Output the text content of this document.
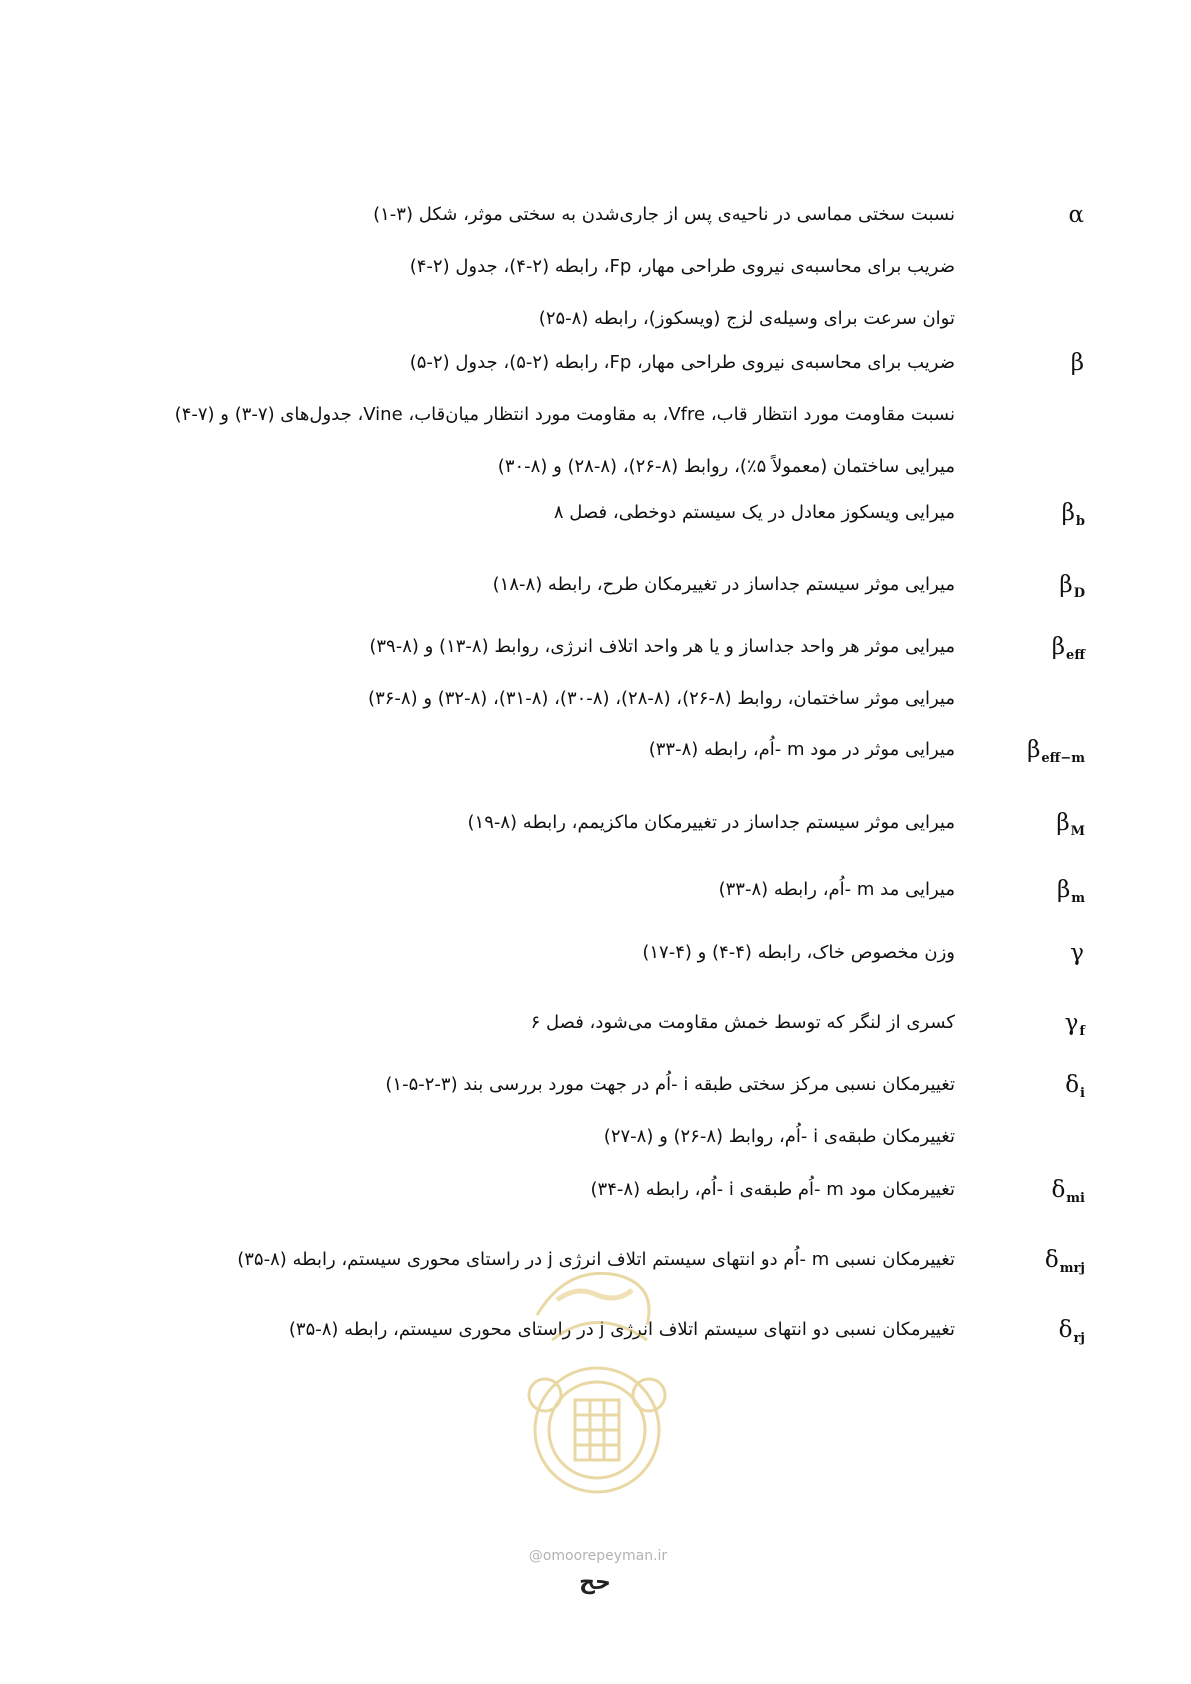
α
نسبت سختی مماسی در ناحیه‌ی پس از جاری‌شدن به سختی موثر، شکل (۳-۱)
ضریب برای محاسبه‌ی نیروی طراحی مهار، Fp، رابطه (۲-۴)، جدول (۲-۴)
توان سرعت برای وسیله‌ی لزج (ویسکوز)، رابطه (۸-۲۵)
β
ضریب برای محاسبه‌ی نیروی طراحی مهار، Fp، رابطه (۲-۵)، جدول (۲-۵)
نسبت مقاومت مورد انتظار قاب، Vfre، به مقاومت مورد انتظار میان‌قاب، Vine، جدول‌های (۷-۳) و (۷-۴)
میرایی ساختمان (معمولاً ۵٪)، روابط (۸-۲۶)، (۸-۲۸) و (۸-۳۰)
$\beta_b$
میرایی ویسکوز معادل در یک سیستم دوخطی، فصل ۸
$\beta_D$
میرایی موثر سیستم جداساز در تغییرمکان طرح، رابطه (۸-۱۸)
$\beta_{eff}$
میرایی موثر هر واحد جداساز و یا هر واحد اتلاف انرژی، روابط (۸-۱۳) و (۸-۳۹)
میرایی موثر ساختمان، روابط (۸-۲۶)، (۸-۲۸)، (۸-۳۰)، (۸-۳۱)، (۸-۳۲) و (۸-۳۶)
$\beta_{eff-m}$
میرایی موثر در مود m -اُم، رابطه (۸-۳۳)
$\beta_M$
میرایی موثر سیستم جداساز در تغییرمکان ماکزیمم، رابطه (۸-۱۹)
$\beta_m$
میرایی مد m -اُم، رابطه (۸-۳۳)
γ
وزن مخصوص خاک، رابطه (۴-۴) و (۴-۱۷)
$\gamma_f$
کسری از لنگر که توسط خمش مقاومت می‌شود، فصل ۶
$\delta_i$
تغییرمکان نسبی مرکز سختی طبقه i -اُم در جهت مورد بررسی بند (۳-۲-۵-۱)
تغییرمکان طبقه‌ی i -اُم، روابط (۸-۲۶) و (۸-۲۷)
$\delta_{mi}$
تغییرمکان مود m -اُم طبقه‌ی i -اُم، رابطه (۸-۳۴)
$\delta_{mrj}$
تغییرمکان نسبی m -اُم دو انتهای سیستم اتلاف انرژی j در راستای محوری سیستم، رابطه (۸-۳۵)
$\delta_{rj}$
تغییرمکان نسبی دو انتهای سیستم اتلاف انرژی j در راستای محوری سیستم، رابطه (۸-۳۵)
@omoorepeyman.ir
حح
